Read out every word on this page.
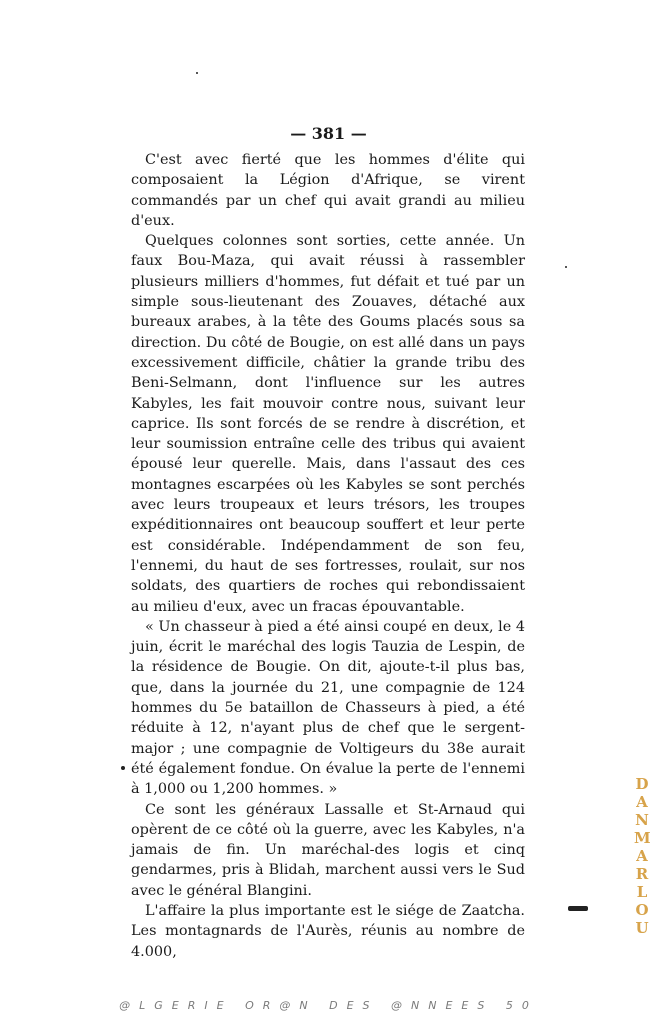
— 381 —

C'est avec fierté que les hommes d'élite qui composaient la Légion d'Afrique, se virent commandés par un chef qui avait grandi au milieu d'eux.

Quelques colonnes sont sorties, cette année. Un faux Bou-Maza, qui avait réussi à rassembler plusieurs milliers d'hommes, fut défait et tué par un simple sous-lieutenant des Zouaves, détaché aux bureaux arabes, à la tête des Goums placés sous sa direction. Du côté de Bougie, on est allé dans un pays excessivement difficile, châtier la grande tribu des Beni-Selmann, dont l'influence sur les autres Kabyles, les fait mouvoir contre nous, suivant leur caprice. Ils sont forcés de se rendre à discrétion, et leur soumission entraîne celle des tribus qui avaient épousé leur querelle. Mais, dans l'assaut des ces montagnes escarpées où les Kabyles se sont perchés avec leurs troupeaux et leurs trésors, les troupes expéditionnaires ont beaucoup souffert et leur perte est considérable. Indépendamment de son feu, l'ennemi, du haut de ses fortresses, roulait, sur nos soldats, des quartiers de roches qui rebondissaient au milieu d'eux, avec un fracas épouvantable.

« Un chasseur à pied a été ainsi coupé en deux, le 4 juin, écrit le maréchal des logis Tauzia de Lespin, de la résidence de Bougie. On dit, ajoute-t-il plus bas, que, dans la journée du 21, une compagnie de 124 hommes du 5e bataillon de Chasseurs à pied, a été réduite à 12, n'ayant plus de chef que le sergent-major ; une compagnie de Voltigeurs du 38e aurait été également fondue. On évalue la perte de l'ennemi à 1,000 ou 1,200 hommes. »

Ce sont les généraux Lassalle et St-Arnaud qui opèrent de ce côté où la guerre, avec les Kabyles, n'a jamais de fin. Un maréchal-des logis et cinq gendarmes, pris à Blidah, marchent aussi vers le Sud avec le général Blangini.

L'affaire la plus importante est le siége de Zaatcha. Les montagnards de l'Aurès, réunis au nombre de 4.000,

DANMARLOU
@LGERIE OR@N DES @NNEES 50
